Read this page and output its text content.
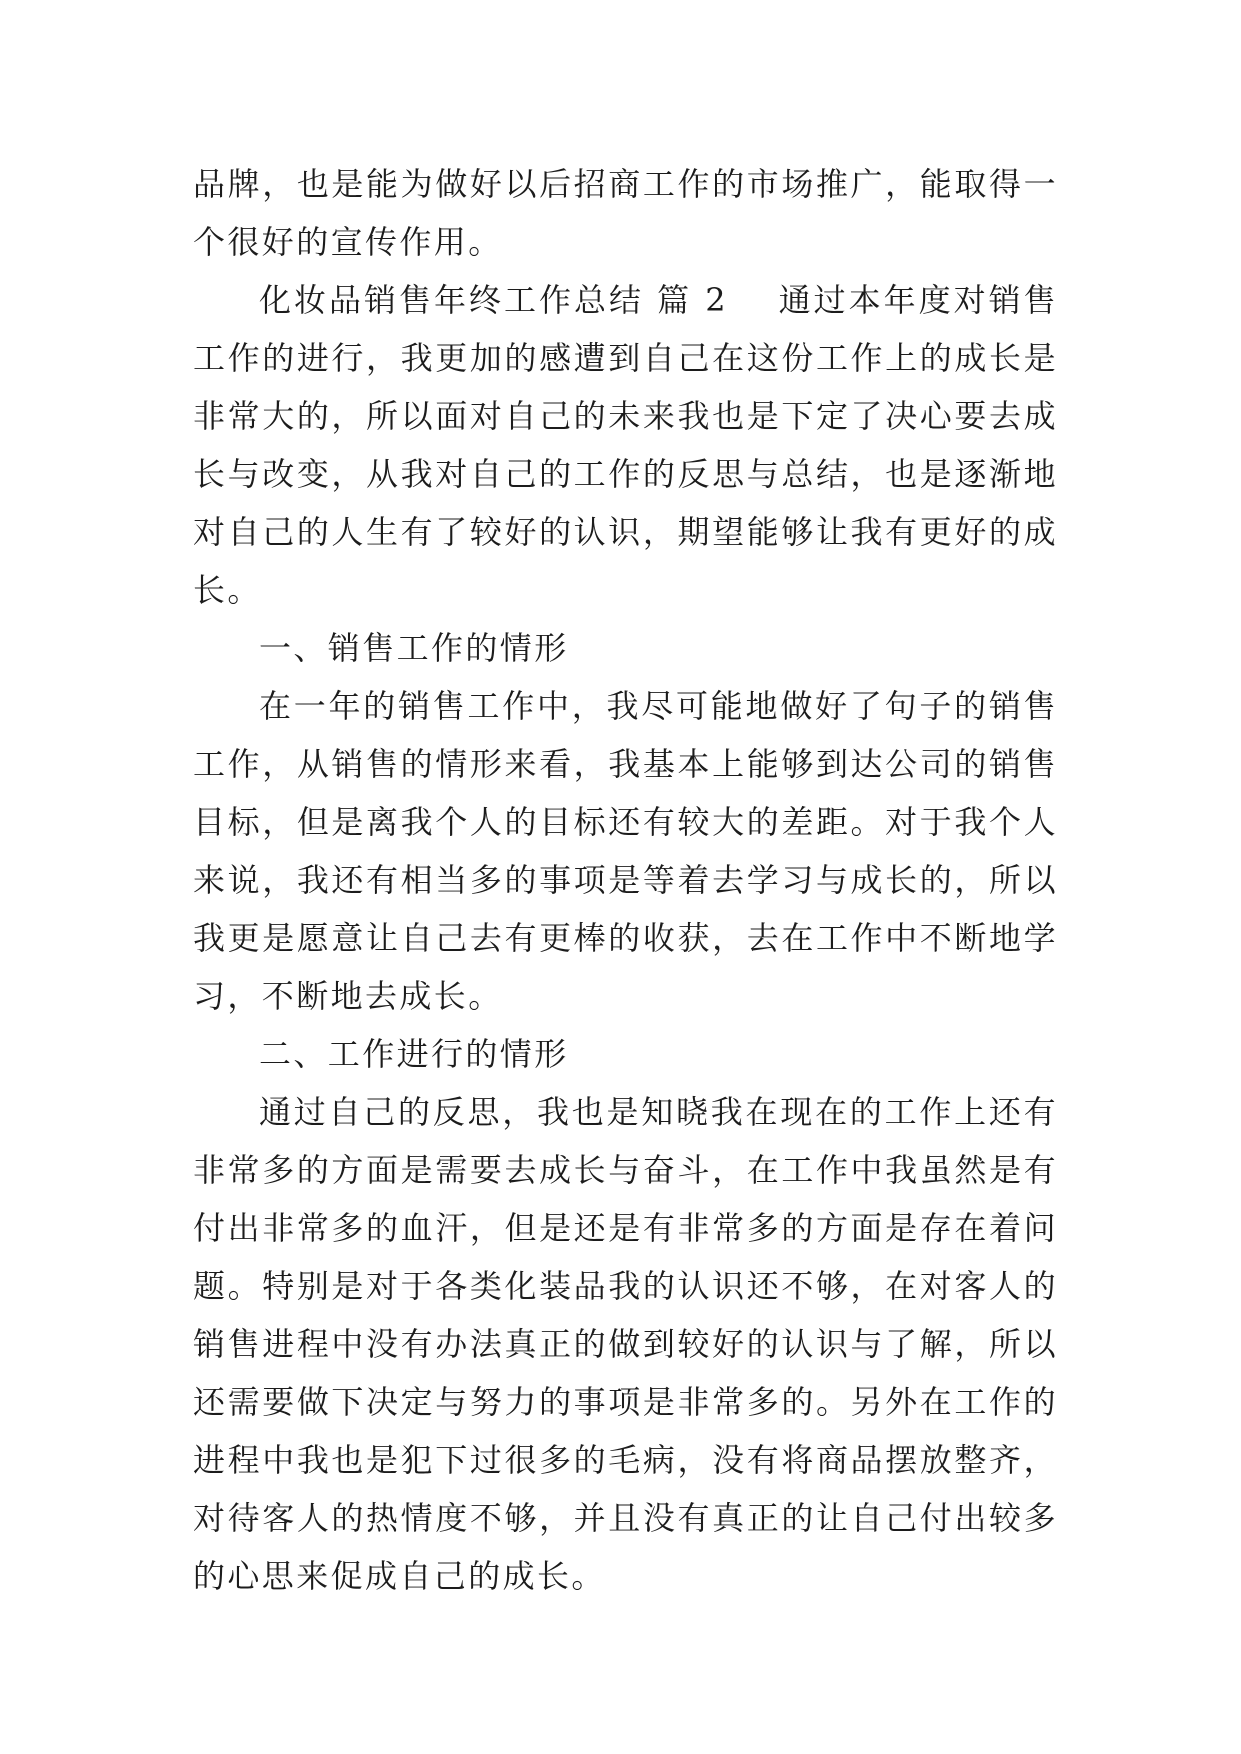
品牌，也是能为做好以后招商工作的市场推广，能取得一个很好的宣传作用。

化妆品销售年终工作总结 篇 2 通过本年度对销售工作的进行，我更加的感遭到自己在这份工作上的成长是非常大的，所以面对自己的未来我也是下定了决心要去成长与改变，从我对自己的工作的反思与总结，也是逐渐地对自己的人生有了较好的认识，期望能够让我有更好的成长。

一、销售工作的情形

在一年的销售工作中，我尽可能地做好了句子的销售工作，从销售的情形来看，我基本上能够到达公司的销售目标，但是离我个人的目标还有较大的差距。对于我个人来说，我还有相当多的事项是等着去学习与成长的，所以我更是愿意让自己去有更棒的收获，去在工作中不断地学习，不断地去成长。

二、工作进行的情形

通过自己的反思，我也是知晓我在现在的工作上还有非常多的方面是需要去成长与奋斗，在工作中我虽然是有付出非常多的血汗，但是还是有非常多的方面是存在着问题。特别是对于各类化装品我的认识还不够，在对客人的销售进程中没有办法真正的做到较好的认识与了解，所以还需要做下决定与努力的事项是非常多的。另外在工作的进程中我也是犯下过很多的毛病，没有将商品摆放整齐，对待客人的热情度不够，并且没有真正的让自己付出较多的心思来促成自己的成长。
